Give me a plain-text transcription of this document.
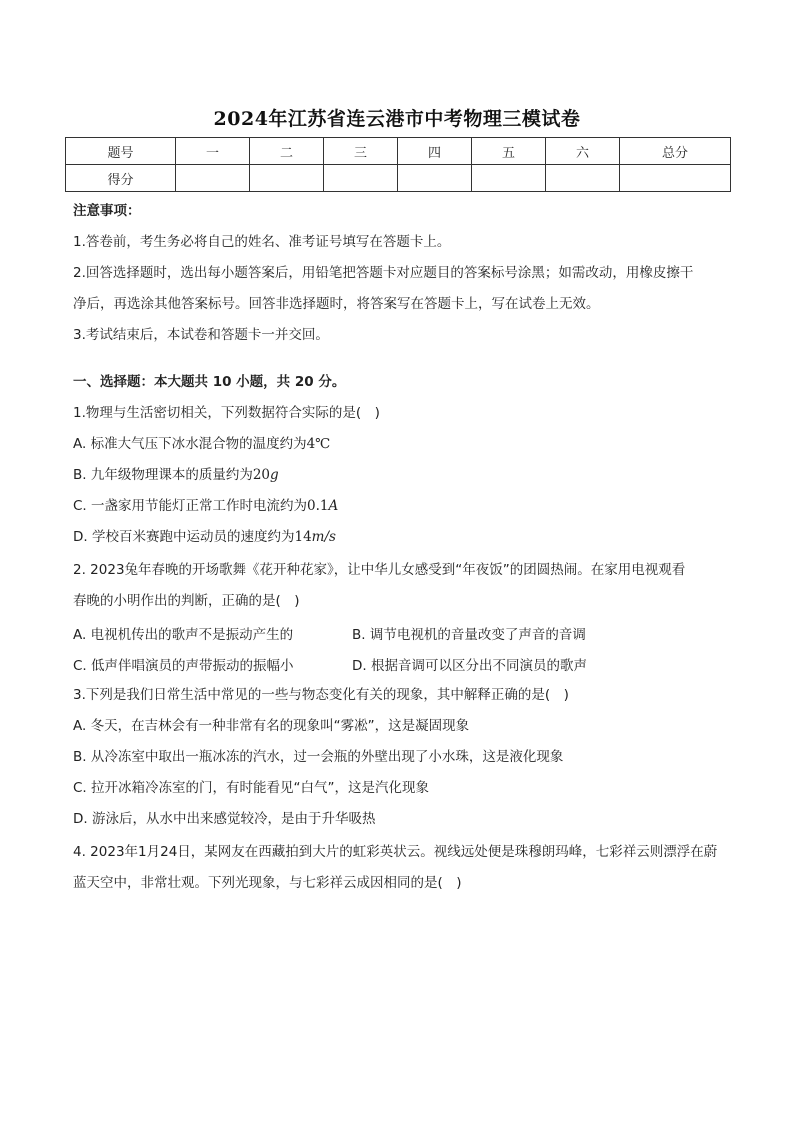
2024年江苏省连云港市中考物理三模试卷
题号	一	二	三	四	五	六	总分
得分							
注意事项：
1.答卷前，考生务必将自己的姓名、准考证号填写在答题卡上。
2.回答选择题时，选出每小题答案后，用铅笔把答题卡对应题目的答案标号涂黑；如需改动，用橡皮擦干
净后，再选涂其他答案标号。回答非选择题时，将答案写在答题卡上，写在试卷上无效。
3.考试结束后，本试卷和答题卡一并交回。
一、选择题：本大题共 10 小题，共 20 分。
1.物理与生活密切相关，下列数据符合实际的是(　)
A. 标准大气压下冰水混合物的温度约为4℃
B. 九年级物理课本的质量约为20g
C. 一盏家用节能灯正常工作时电流约为0.1A
D. 学校百米赛跑中运动员的速度约为14m/s
2. 2023兔年春晚的开场歌舞《花开种花家》，让中华儿女感受到“年夜饭”的团圆热闹。在家用电视观看
春晚的小明作出的判断，正确的是(　)
A. 电视机传出的歌声不是振动产生的	B. 调节电视机的音量改变了声音的音调
C. 低声伴唱演员的声带振动的振幅小	D. 根据音调可以区分出不同演员的歌声
3.下列是我们日常生活中常见的一些与物态变化有关的现象，其中解释正确的是(　)
A. 冬天，在吉林会有一种非常有名的现象叫“雾凇”，这是凝固现象
B. 从冷冻室中取出一瓶冰冻的汽水，过一会瓶的外壁出现了小水珠，这是液化现象
C. 拉开冰箱冷冻室的门，有时能看见“白气”，这是汽化现象
D. 游泳后，从水中出来感觉较冷，是由于升华吸热
4. 2023年1月24日，某网友在西藏拍到大片的虹彩英状云。视线远处便是珠穆朗玛峰，七彩祥云则漂浮在蔚
蓝天空中，非常壮观。下列光现象，与七彩祥云成因相同的是(　)
